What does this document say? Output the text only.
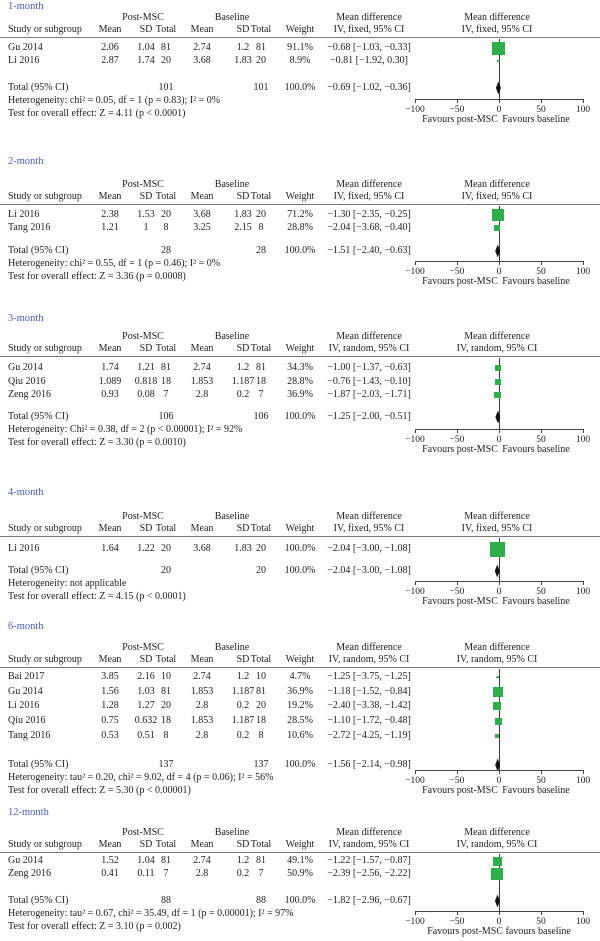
1-month
Post-MSC	Baseline	Mean difference	Mean difference
Study or subgroup Mean SD Total Mean SD Total Weight IV, fixed, 95% CI	IV, fixed, 95% CI
Gu 2014	2.06 1.04 81 2.74	1.2 81 91.1% −0.68 [−1.03, −0.33]
Li 2016	2.87 1.74 20 3.68 1.83 20 8.9% −0.81 [−1.92, 0.30]
Total (95% CI)	101	101 100.0% −0.69 [−1.02, −0.36]
Heterogeneity: chi² = 0.05, df = 1 (p = 0.83); I² = 0%
Test for overall effect: Z = 4.11 (p < 0.0001)	−100	−50	0	50	100
Favours post-MSC Favours baseline
2-month
Post-MSC	Baseline	Mean difference	Mean difference
Study or subgroup Mean SD Total Mean SD Total Weight IV, fixed, 95% CI	IV, fixed, 95% CI
Li 2016	2.38 1.53 20 3.68 1.83 20 71.2% −1.30 [−2.35, −0.25]
Tang 2016	1.21 1 8 3.25 2.15 8 28.8% −2.04 [−3.68, −0.40]
Total (95% CI)	28	28 100.0% −1.51 [−2.40, −0.63]
Heterogeneity: chi² = 0.55, df = 1 (p = 0.46); I² = 0%
Test for overall effect: Z = 3.36 (p = 0.0008)	−100	−50	0	50	100
Favours post-MSC Favours baseline
3-month
Post-MSC	Baseline	Mean difference	Mean difference
Study or subgroup Mean SD Total Mean SD Total Weight IV, random, 95% CI	IV, random, 95% CI
Gu 2014	1.74 1.21 81 2.74	1.2 81 34.3% −1.00 [−1.37, −0.63]
Qiu 2016	1.089 0.818 18 1.853 1.187 18 28.8% −0.76 [−1.43, −0.10]
Zeng 2016	0.93 0.08 7	2.8	0.2 7 36.9% −1.87 [−2.03, −1.71]
Total (95% CI)	106	106 100.0% −1.25 [−2.00, −0.51]
Heterogeneity: Chi² = 0.38, df = 2 (p < 0.00001); I² = 92%
Test for overall effect: Z = 3.30 (p = 0.0010)	−100	−50	0	50	100
Favours post-MSC Favours baseline
4-month
Post-MSC	Baseline	Mean difference	Mean difference
Study or subgroup Mean SD Total Mean SD Total Weight IV, fixed, 95% CI	IV, fixed, 95% CI
Li 2016	1.64 1.22 20 3.68 1.83 20 100.0% −2.04 [−3.00, −1.08]
Total (95% CI)	20	20 100.0% −2.04 [−3.00, −1.08]
Heterogeneity: not applicable
Test for overall effect: Z = 4.15 (p < 0.0001)	−100	−50	0	50	100
Favours post-MSC Favours baseline
6-month
Post-MSC	Baseline	Mean difference	Mean difference
Study or subgroup Mean SD Total Mean SD Total Weight IV, random, 95% CI	IV, random, 95% CI
Bai 2017	3.85 2.16 10 2.74	1.2 10 4.7% −1.25 [−3.75, −1.25]
Gu 2014	1.56 1.03 81 1.853 1.187 81 36.9% −1.18 [−1.52, −0.84]
Li 2016	1.28 1.27 20 2.8	0.2 20 19.2% −2.40 [−3.38, −1.42]
Qiu 2016	0.75 0.632 18 1.853 1.187 18 28.5% −1.10 [−1.72, −0.48]
Tang 2016	0.53 0.51 8	2.8	0.2 8 10.6% −2.72 [−4.25, −1.19]
Total (95% CI)	137	137 100.0% −1.56 [−2.14, −0.98]
Heterogeneity: tau² = 0.20, chi² = 9.02, df = 4 (p = 0.06); I² = 56%
Test for overall effect: Z = 5.30 (p < 0.00001)
−100	−50	0	50	100
Favours post-MSC Favours baseline
12-month
Post-MSC	Baseline	Mean difference	Mean difference
Study or subgroup Mean SD Total Mean SD Total Weight IV, random, 95% CI	IV, random, 95% CI
Gu 2014	1.52 1.04 81 2.74	1.2 81 49.1% −1.22 [−1.57, −0.87]
Zeng 2016	0.41 0.11 7	2.8	0.2 7 50.9% −2.39 [−2.56, −2.22]
Total (95% CI)	88	88 100.0% −1.82 [−2.96, −0.67]
Heterogeneity: tau² = 0.67, chi² = 35.49, df = 1 (p = 0.00001); I² = 97%
Test for overall effect: Z = 3.10 (p = 0.002)	−100	−50	0	50	100
Favours post-MSC favours baseline
